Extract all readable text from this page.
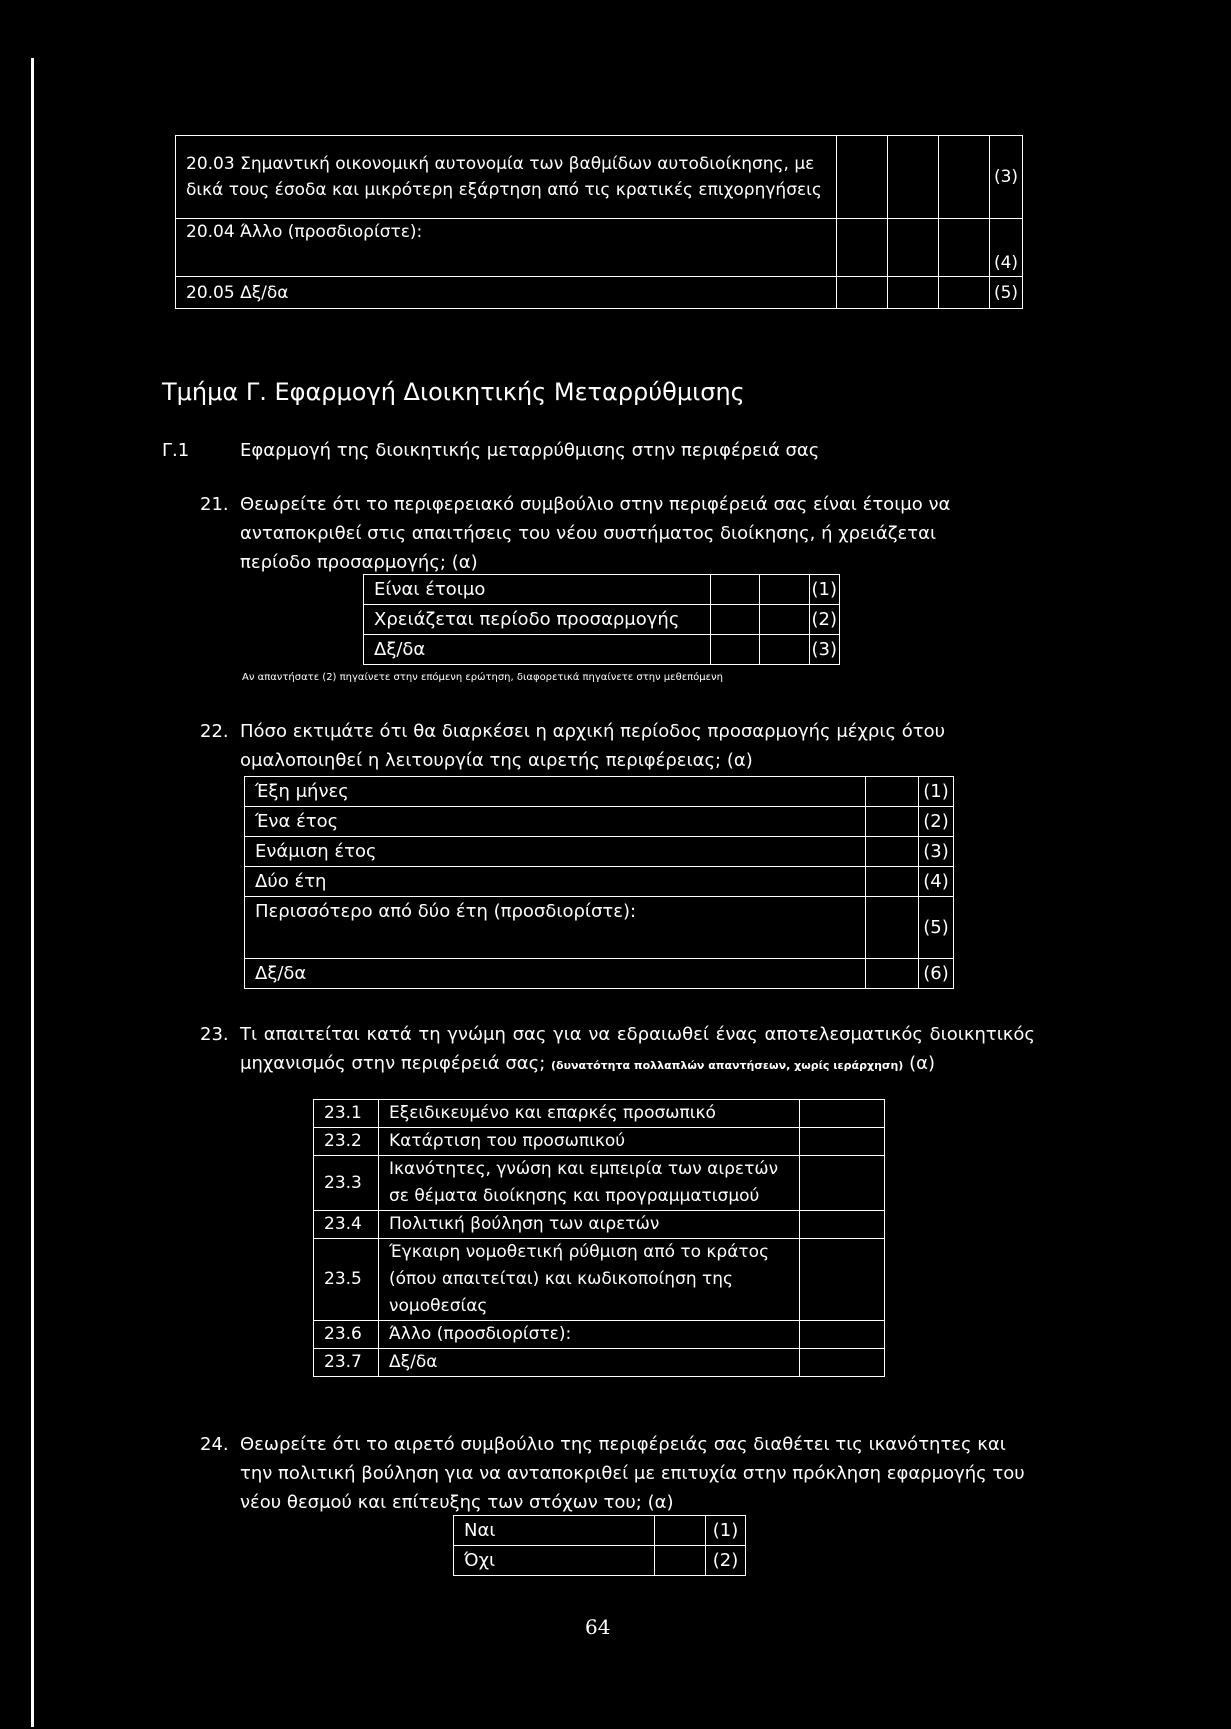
20.03 Σημαντική οικονομική αυτονομία των βαθμίδων αυτοδιοίκησης, με δικά τους έσοδα και μικρότερη εξάρτηση από τις κρατικές επιχορηγήσεις				(3)
20.04 Άλλο (προσδιορίστε):				(4)
20.05 Δξ/δα				(5)
Τμήμα Γ. Εφαρμογή Διοικητικής Μεταρρύθμισης
Γ.1	Εφαρμογή της διοικητικής μεταρρύθμισης στην περιφέρειά σας
21. Θεωρείτε ότι το περιφερειακό συμβούλιο στην περιφέρειά σας είναι έτοιμο να ανταποκριθεί στις απαιτήσεις του νέου συστήματος διοίκησης, ή χρειάζεται περίοδο προσαρμογής; (α)
Είναι έτοιμο			(1)
Χρειάζεται περίοδο προσαρμογής			(2)
Δξ/δα			(3)
Αν απαντήσατε (2) πηγαίνετε στην επόμενη ερώτηση, διαφορετικά πηγαίνετε στην μεθεπόμενη
22. Πόσο εκτιμάτε ότι θα διαρκέσει η αρχική περίοδος προσαρμογής μέχρις ότου ομαλοποιηθεί η λειτουργία της αιρετής περιφέρειας; (α)
Έξη μήνες		(1)
Ένα έτος		(2)
Ενάμιση έτος		(3)
Δύο έτη		(4)
Περισσότερο από δύο έτη (προσδιορίστε):		(5)
Δξ/δα		(6)
23. Τι απαιτείται κατά τη γνώμη σας για να εδραιωθεί ένας αποτελεσματικός διοικητικός μηχανισμός στην περιφέρειά σας; (δυνατότητα πολλαπλών απαντήσεων, χωρίς ιεράρχηση) (α)
23.1	Εξειδικευμένο και επαρκές προσωπικό	
23.2	Κατάρτιση του προσωπικού	
23.3	Ικανότητες, γνώση και εμπειρία των αιρετών σε θέματα διοίκησης και προγραμματισμού	
23.4	Πολιτική βούληση των αιρετών	
23.5	Έγκαιρη νομοθετική ρύθμιση από το κράτος (όπου απαιτείται) και κωδικοποίηση της νομοθεσίας	
23.6	Άλλο (προσδιορίστε):	
23.7	Δξ/δα	
24. Θεωρείτε ότι το αιρετό συμβούλιο της περιφέρειάς σας διαθέτει τις ικανότητες και την πολιτική βούληση για να ανταποκριθεί με επιτυχία στην πρόκληση εφαρμογής του νέου θεσμού και επίτευξης των στόχων του; (α)
Ναι		(1)
Όχι		(2)
64
